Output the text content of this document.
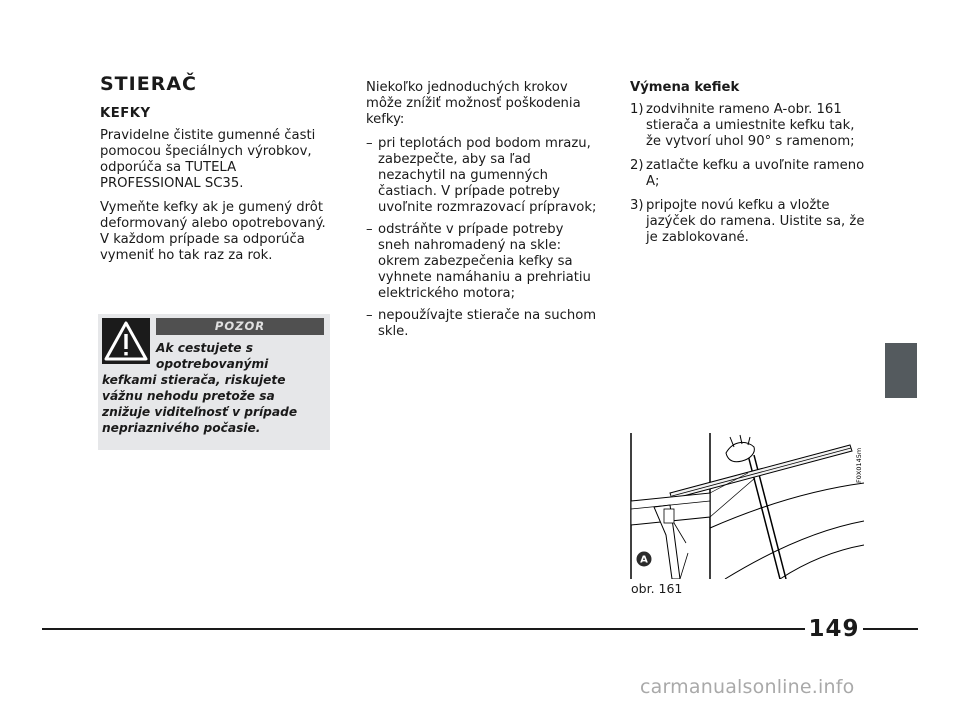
STIERAČ
KEFKY

Pravidelne čistite gumenné časti pomocou špeciálnych výrobkov, odporúča sa TUTELA PROFESSIONAL SC35.

Vymeňte kefky ak je gumený drôt deformovaný alebo opotrebovaný. V každom prípade sa odporúča vymeniť ho tak raz za rok.

POZOR
Ak cestujete s
opotrebovanými
kefkami stierača, riskujete vážnu nehodu pretože sa znižuje viditeľnosť v prípade nepriaznivého počasie.

Niekoľko jednoduchých krokov môže znížiť možnosť poškodenia kefky:

– pri teplotách pod bodom mrazu, zabezpečte, aby sa ľad nezachytil na gumenných častiach. V prípade potreby uvoľnite rozmrazovací prípravok;
– odstráňte v prípade potreby sneh nahromadený na skle: okrem zabezpečenia kefky sa vyhnete namáhaniu a prehriatiu elektrického motora;
– nepoužívajte stierače na suchom skle.
Výmena kefiek
1) zodvihnite rameno A-obr. 161 stierača a umiestnite kefku tak, že vytvorí uhol 90° s ramenom;
2) zatlačte kefku a uvoľnite rameno A;
3) pripojte novú kefku a vložte jazýček do ramena. Uistite sa, že je zablokované.
F0X0145m
A
obr. 161
149
carmanualsonline.info
